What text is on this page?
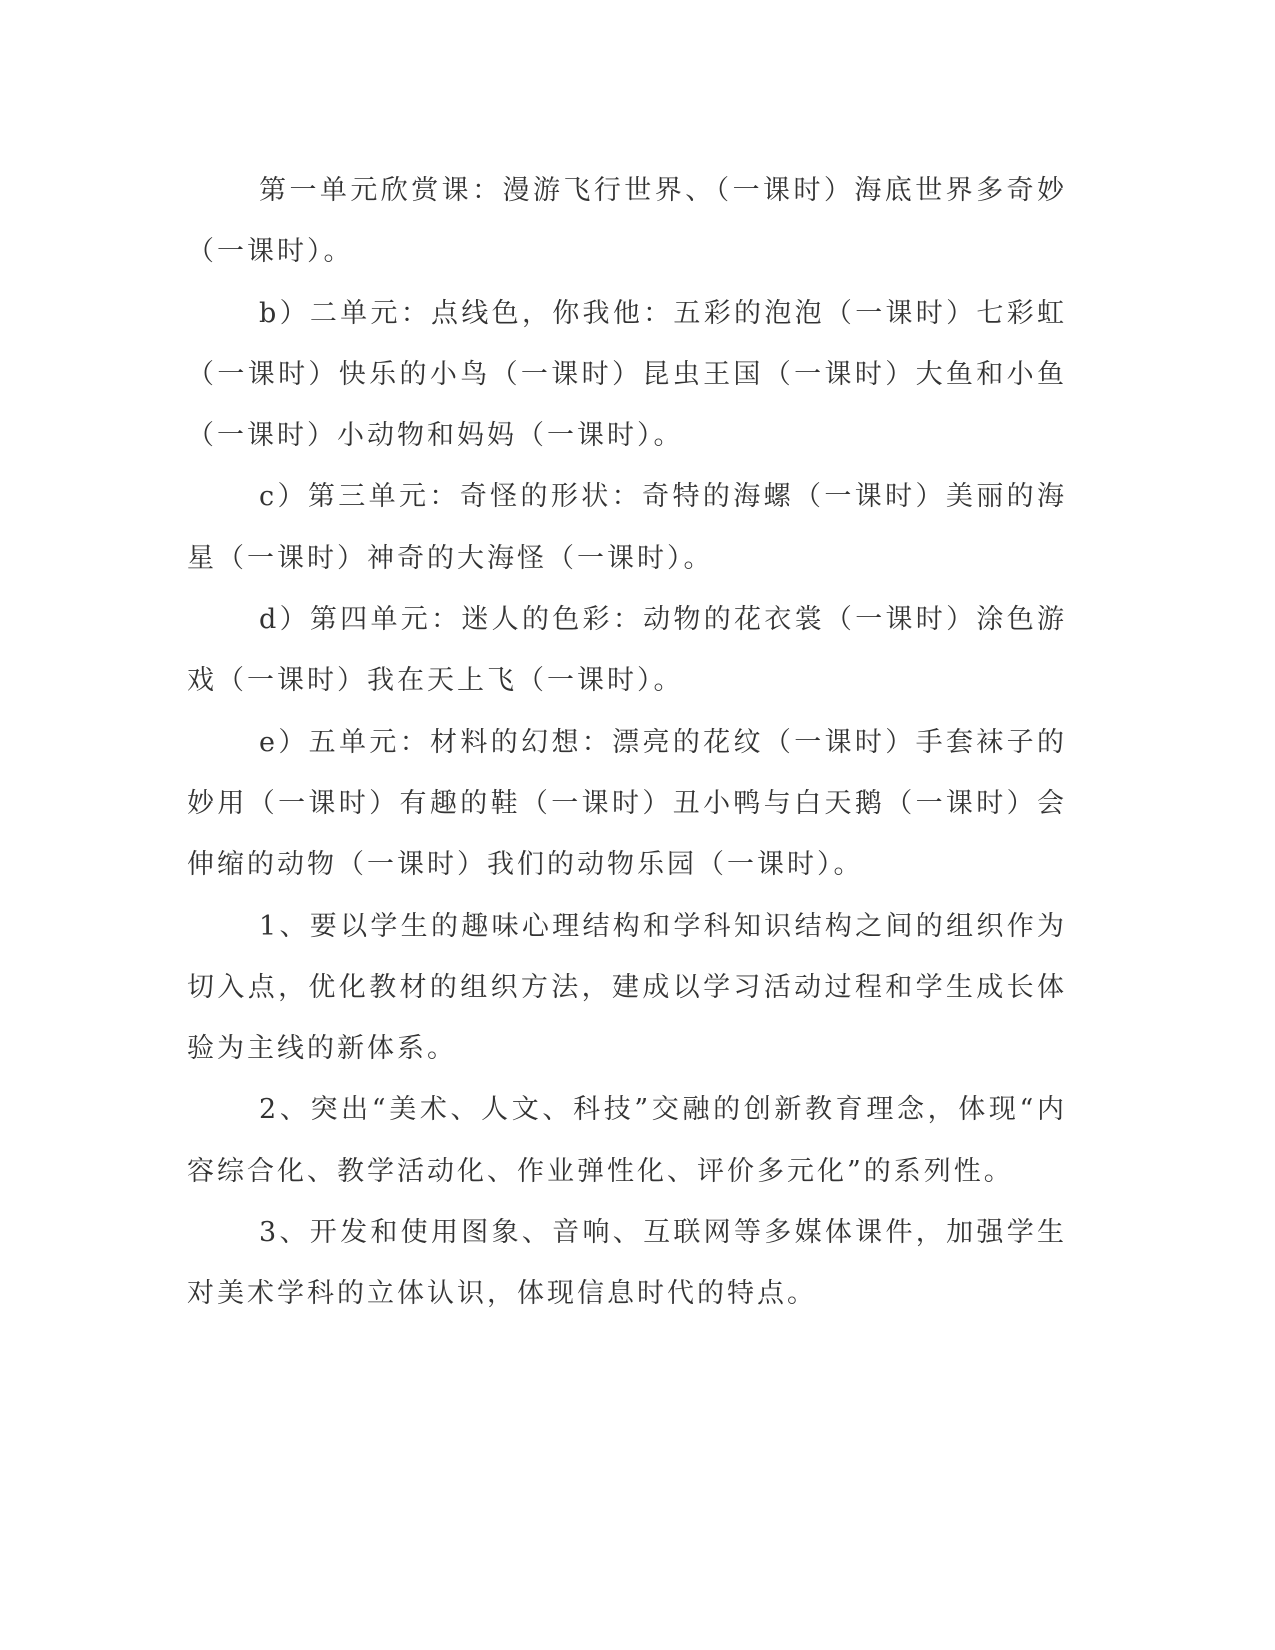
第一单元欣赏课：漫游飞行世界、（一课时）海底世界多奇妙（一课时）。

b）二单元：点线色，你我他：五彩的泡泡（一课时）七彩虹（一课时）快乐的小鸟（一课时）昆虫王国（一课时）大鱼和小鱼（一课时）小动物和妈妈（一课时）。

c）第三单元：奇怪的形状：奇特的海螺（一课时）美丽的海星（一课时）神奇的大海怪（一课时）。

d）第四单元：迷人的色彩：动物的花衣裳（一课时）涂色游戏（一课时）我在天上飞（一课时）。

e）五单元：材料的幻想：漂亮的花纹（一课时）手套袜子的妙用（一课时）有趣的鞋（一课时）丑小鸭与白天鹅（一课时）会伸缩的动物（一课时）我们的动物乐园（一课时）。

1、要以学生的趣味心理结构和学科知识结构之间的组织作为切入点，优化教材的组织方法，建成以学习活动过程和学生成长体验为主线的新体系。

2、突出“美术、人文、科技”交融的创新教育理念，体现“内容综合化、教学活动化、作业弹性化、评价多元化”的系列性。

3、开发和使用图象、音响、互联网等多媒体课件，加强学生对美术学科的立体认识，体现信息时代的特点。
